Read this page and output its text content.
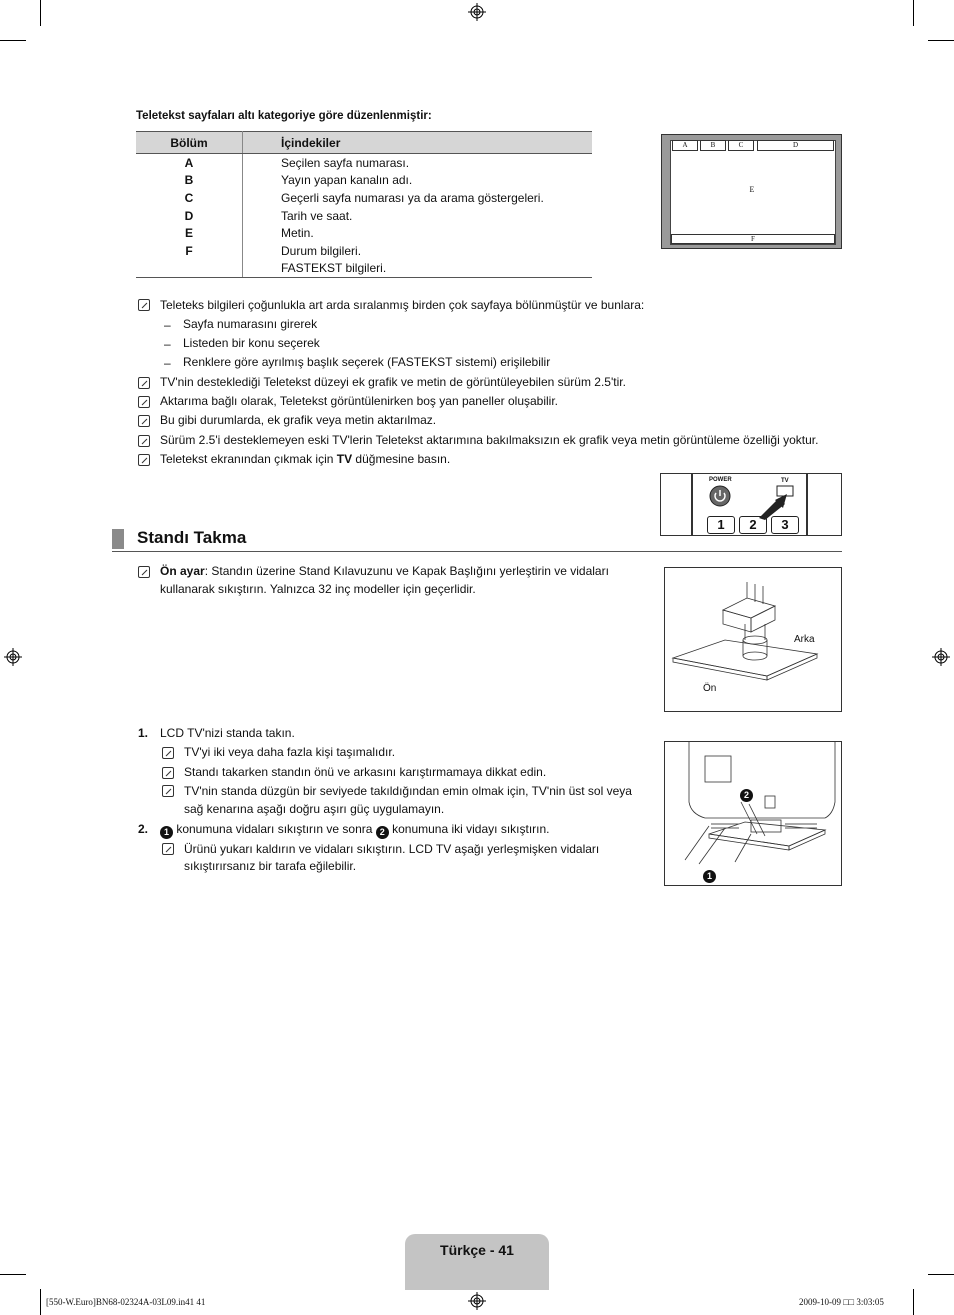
Teletekst sayfaları altı kategoriye göre düzenlenmiştir:
Bölüm	İçindekiler
A	Seçilen sayfa numarası.
B	Yayın yapan kanalın adı.
C	Geçerli sayfa numarası ya da arama göstergeleri.
D	Tarih ve saat.
E	Metin.
F	Durum bilgileri.
	FASTEKST bilgileri.
A	B	C	D
E
F
Teleteks bilgileri çoğunlukla art arda sıralanmış birden çok sayfaya bölünmüştür ve bunlara:
– Sayfa numarasını girerek
– Listeden bir konu seçerek
– Renklere göre ayrılmış başlık seçerek (FASTEKST sistemi) erişilebilir
TV'nin desteklediği Teletekst düzeyi ek grafik ve metin de görüntüleyebilen sürüm 2.5'tir.
Aktarıma bağlı olarak, Teletekst görüntülenirken boş yan paneller oluşabilir.
Bu gibi durumlarda, ek grafik veya metin aktarılmaz.
Sürüm 2.5'i desteklemeyen eski TV'lerin Teletekst aktarımına bakılmaksızın ek grafik veya metin görüntüleme özelliği yoktur.
Teletekst ekranından çıkmak için TV düğmesine basın.
POWER	TV
1	2	3
Standı Takma
Ön ayar: Standın üzerine Stand Kılavuzunu ve Kapak Başlığını yerleştirin ve vidaları
kullanarak sıkıştırın. Yalnızca 32 inç modeller için geçerlidir.
Arka
Ön
1. LCD TV'nizi standa takın.
TV'yi iki veya daha fazla kişi taşımalıdır.
Standı takarken standın önü ve arkasını karıştırmamaya dikkat edin.
TV'nin standa düzgün bir seviyede takıldığından emin olmak için, TV'nin üst sol veya
sağ kenarına aşağı doğru aşırı güç uygulamayın.
2.	1 konumuna vidaları sıkıştırın ve sonra 2 konumuna iki vidayı sıkıştırın.
Ürünü yukarı kaldırın ve vidaları sıkıştırın. LCD TV aşağı yerleşmişken vidaları
sıkıştırırsanız bir tarafa eğilebilir.
2
1
Türkçe - 41
[550-W.Euro]BN68-02324A-03L09.in41 41	2009-10-09 □□ 3:03:05
